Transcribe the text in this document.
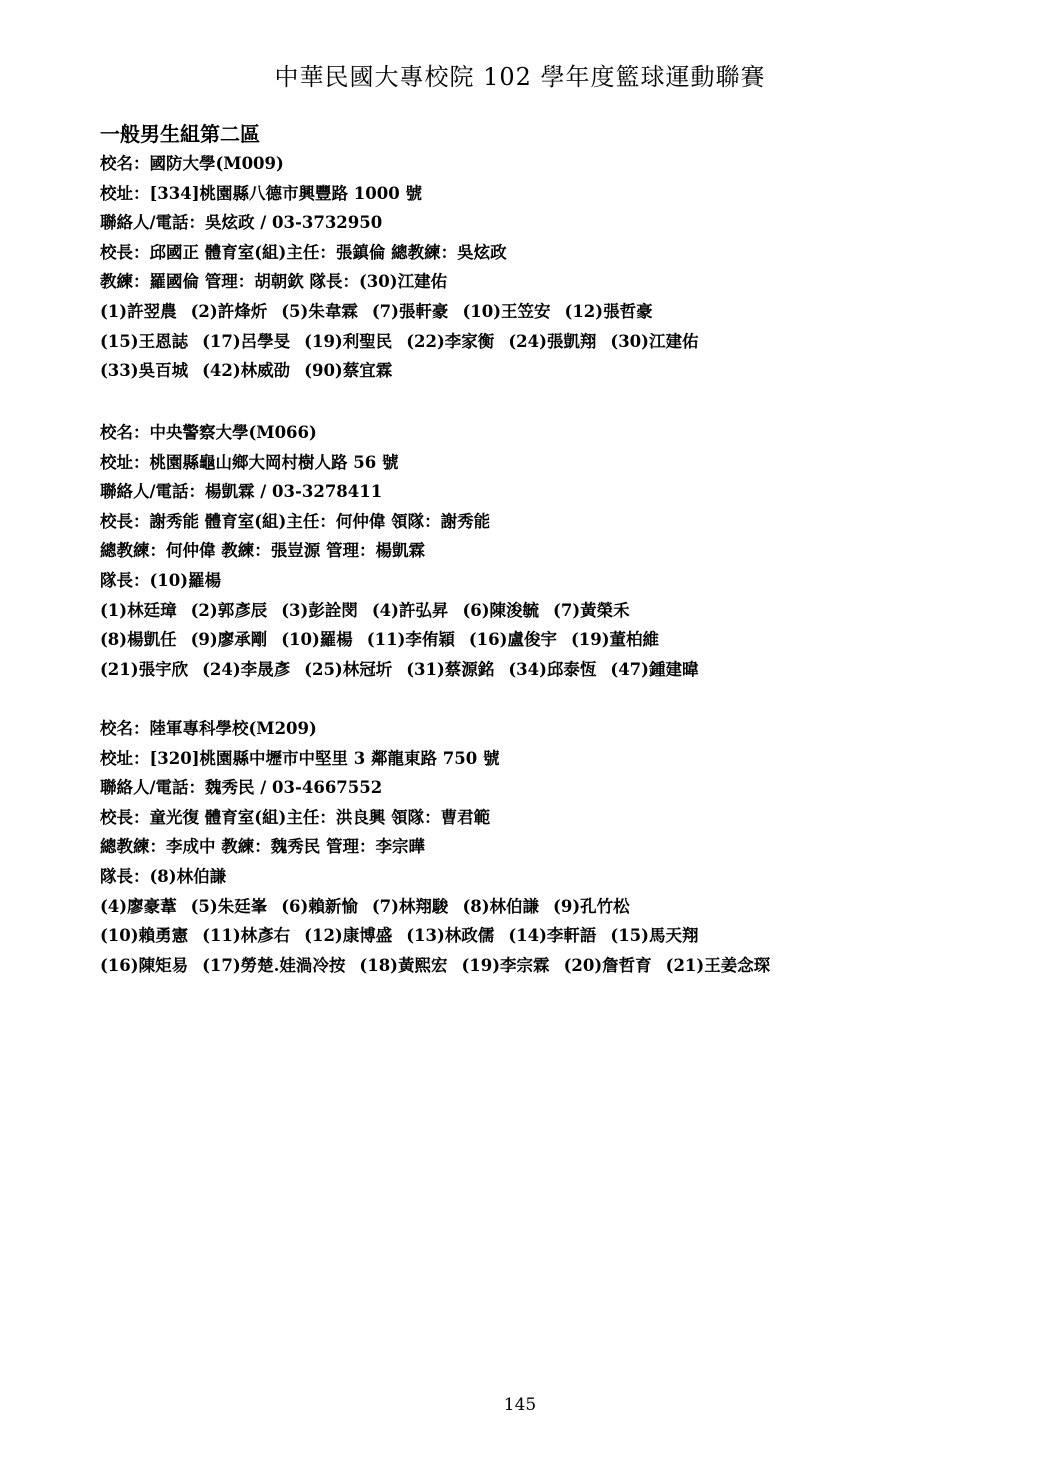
中華民國大專校院 102 學年度籃球運動聯賽
一般男生組第二區
校名：國防大學(M009)
校址：[334]桃園縣八德市興豐路 1000 號
聯絡人/電話：吳炫政 / 03-3732950
校長：邱國正 體育室(組)主任：張鎮倫 總教練：吳炫政
教練：羅國倫 管理：胡朝欽 隊長：(30)江建佑
(1)許翌農 (2)許烽炘 (5)朱韋霖 (7)張軒豪 (10)王笠安 (12)張哲豪
(15)王恩誌 (17)呂學旻 (19)利聖民 (22)李家衡 (24)張凱翔 (30)江建佑
(33)吳百城 (42)林威劭 (90)蔡宜霖
校名：中央警察大學(M066)
校址：桃園縣龜山鄉大岡村樹人路 56 號
聯絡人/電話：楊凱霖 / 03-3278411
校長：謝秀能 體育室(組)主任：何仲偉 領隊：謝秀能
總教練：何仲偉 教練：張豈源 管理：楊凱霖
隊長：(10)羅楊
(1)林廷璋 (2)郭彥辰 (3)彭詮閔 (4)許弘昇 (6)陳浚毓 (7)黃榮禾
(8)楊凱任 (9)廖承剛 (10)羅楊 (11)李侑穎 (16)盧俊宇 (19)董柏維
(21)張宇欣 (24)李晟彥 (25)林冠圻 (31)蔡源銘 (34)邱泰恆 (47)鍾建暐
校名：陸軍專科學校(M209)
校址：[320]桃園縣中壢市中堅里 3 鄰龍東路 750 號
聯絡人/電話：魏秀民 / 03-4667552
校長：童光復 體育室(組)主任：洪良興 領隊：曹君範
總教練：李成中 教練：魏秀民 管理：李宗曄
隊長：(8)林伯謙
(4)廖豪葦 (5)朱廷峯 (6)賴新愉 (7)林翔駿 (8)林伯謙 (9)孔竹松
(10)賴勇憲 (11)林彥右 (12)康博盛 (13)林政儒 (14)李軒語 (15)馬天翔
(16)陳矩易 (17)勞楚.娃渦冷按 (18)黃熙宏 (19)李宗霖 (20)詹哲育 (21)王姜念琛
145
